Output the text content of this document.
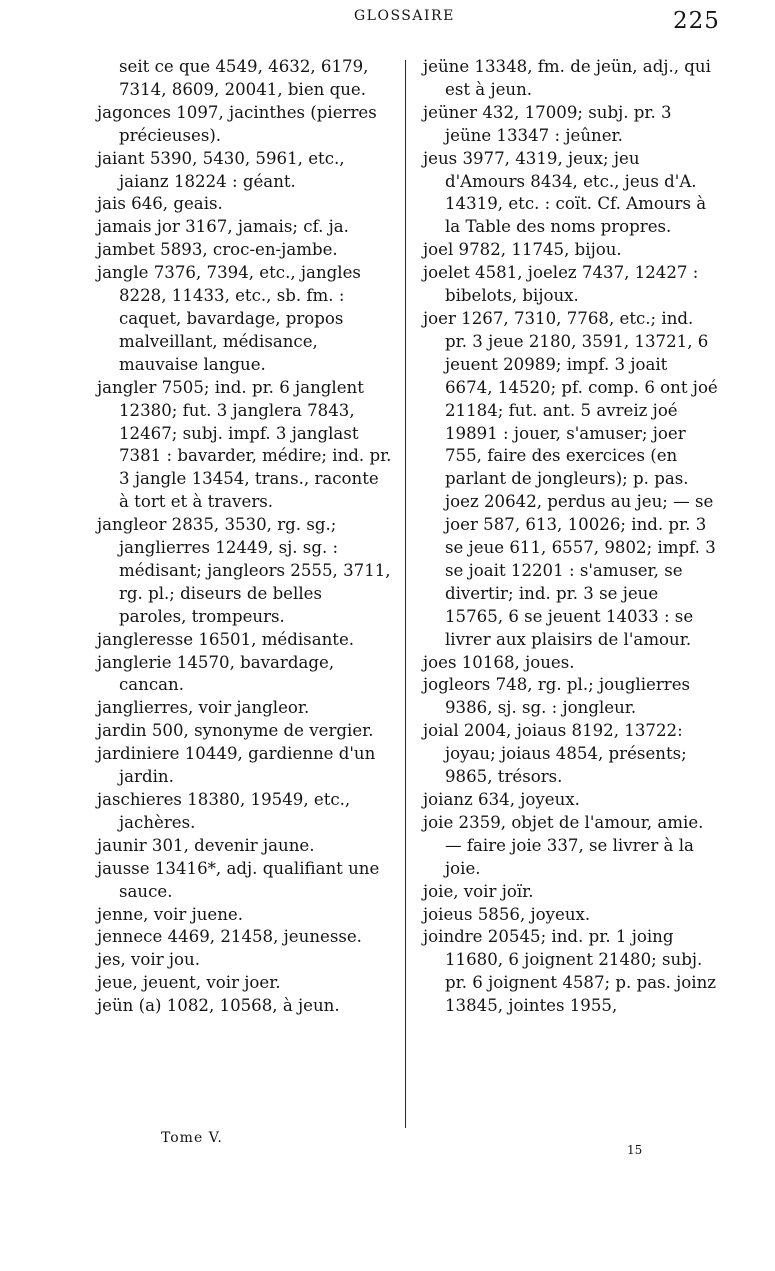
GLOSSAIRE	225

seit ce que 4549, 4632, 6179, 7314, 8609, 20041, bien que.

jagonces 1097, jacinthes (pierres précieuses).

jaiant 5390, 5430, 5961, etc., jaianz 18224 : géant.

jais 646, geais.

jamais jor 3167, jamais; cf. ja.

jambet 5893, croc-en-jambe.

jangle 7376, 7394, etc., jangles 8228, 11433, etc., sb. fm. : caquet, bavardage, propos malveillant, médisance, mauvaise langue.

jangler 7505; ind. pr. 6 janglent 12380; fut. 3 janglera 7843, 12467; subj. impf. 3 janglast 7381 : bavarder, médire; ind. pr. 3 jangle 13454, trans., raconte à tort et à travers.

jangleor 2835, 3530, rg. sg.; janglierres 12449, sj. sg. : médisant; jangleors 2555, 3711, rg. pl.; diseurs de belles paroles, trompeurs.

jangleresse 16501, médisante.

janglerie 14570, bavardage, cancan.

janglierres, voir jangleor.

jardin 500, synonyme de vergier.

jardiniere 10449, gardienne d'un jardin.

jaschieres 18380, 19549, etc., jachères.

jaunir 301, devenir jaune.

jausse 13416*, adj. qualifiant une sauce.

jenne, voir juene.

jennece 4469, 21458, jeunesse.

jes, voir jou.

jeue, jeuent, voir joer.

jeün (a) 1082, 10568, à jeun.

jeüne 13348, fm. de jeün, adj., qui est à jeun.

jeüner 432, 17009; subj. pr. 3 jeüne 13347 : jeûner.

jeus 3977, 4319, jeux; jeu d'Amours 8434, etc., jeus d'A. 14319, etc. : coït. Cf. Amours à la Table des noms propres.

joel 9782, 11745, bijou.

joelet 4581, joelez 7437, 12427 : bibelots, bijoux.

joer 1267, 7310, 7768, etc.; ind. pr. 3 jeue 2180, 3591, 13721, 6 jeuent 20989; impf. 3 joait 6674, 14520; pf. comp. 6 ont joé 21184; fut. ant. 5 avreiz joé 19891 : jouer, s'amuser; joer 755, faire des exercices (en parlant de jongleurs); p. pas. joez 20642, perdus au jeu; — se joer 587, 613, 10026; ind. pr. 3 se jeue 611, 6557, 9802; impf. 3 se joait 12201 : s'amuser, se divertir; ind. pr. 3 se jeue 15765, 6 se jeuent 14033 : se livrer aux plaisirs de l'amour.

joes 10168, joues.

jogleors 748, rg. pl.; jouglierres 9386, sj. sg. : jongleur.

joial 2004, joiaus 8192, 13722: joyau; joiaus 4854, présents; 9865, trésors.

joianz 634, joyeux.

joie 2359, objet de l'amour, amie. — faire joie 337, se livrer à la joie.

joie, voir joïr.

joieus 5856, joyeux.

joindre 20545; ind. pr. 1 joing 11680, 6 joignent 21480; subj. pr. 6 joignent 4587; p. pas. joinz 13845, jointes 1955,

Tome V.
15
